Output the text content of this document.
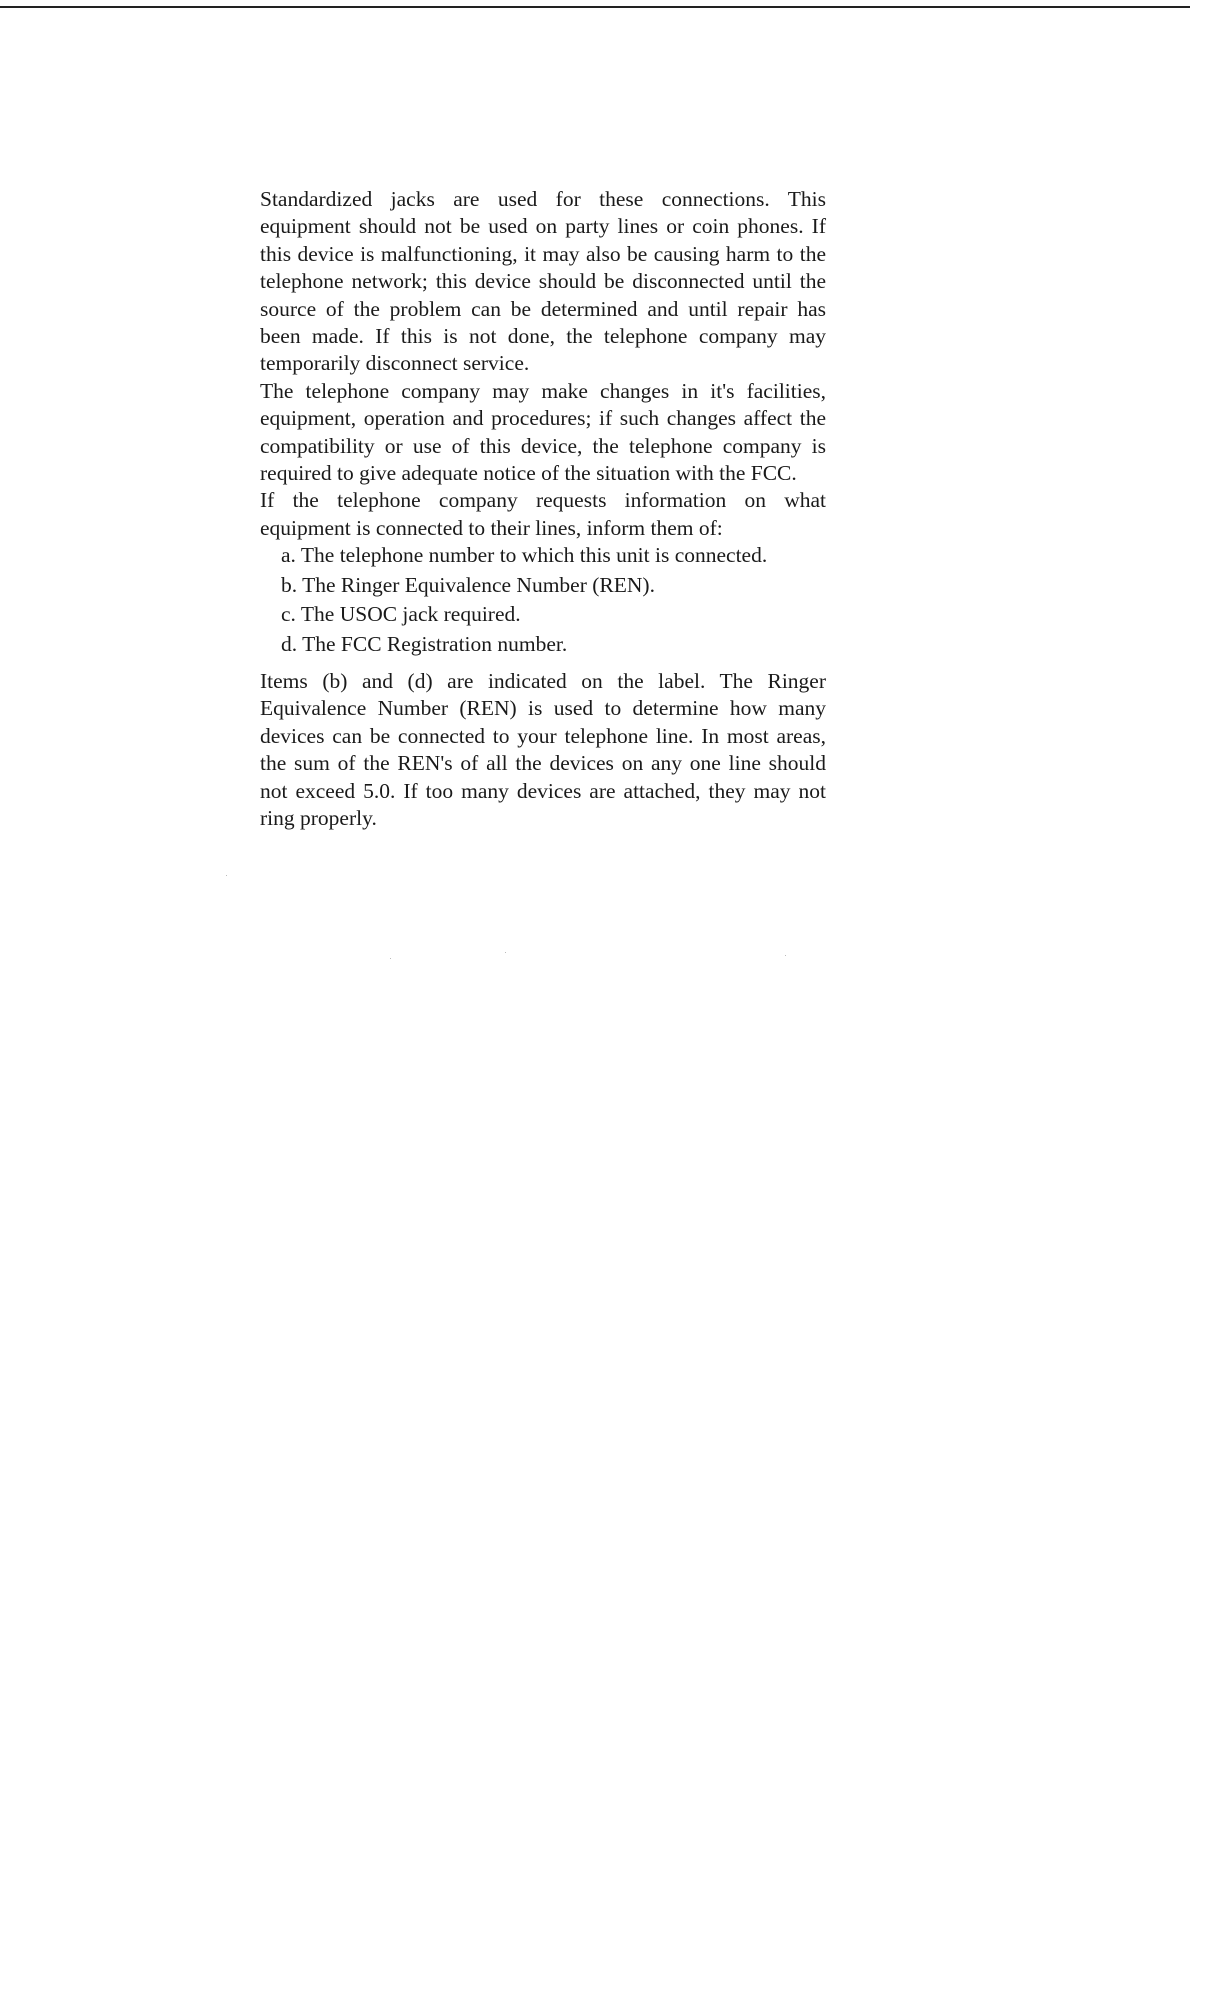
Standardized jacks are used for these connections. This equipment should not be used on party lines or coin phones. If this device is malfunctioning, it may also be causing harm to the telephone network; this device should be disconnected until the source of the problem can be determined and until repair has been made. If this is not done, the telephone company may temporarily disconnect service.

The telephone company may make changes in it's facilities, equipment, operation and procedures; if such changes affect the compatibility or use of this device, the telephone company is required to give adequate notice of the situation with the FCC.

If the telephone company requests information on what equipment is connected to their lines, inform them of:

a. The telephone number to which this unit is connected.
b. The Ringer Equivalence Number (REN).
c. The USOC jack required.
d. The FCC Registration number.

Items (b) and (d) are indicated on the label. The Ringer Equivalence Number (REN) is used to determine how many devices can be connected to your telephone line. In most areas, the sum of the REN's of all the devices on any one line should not exceed 5.0. If too many devices are attached, they may not ring properly.
